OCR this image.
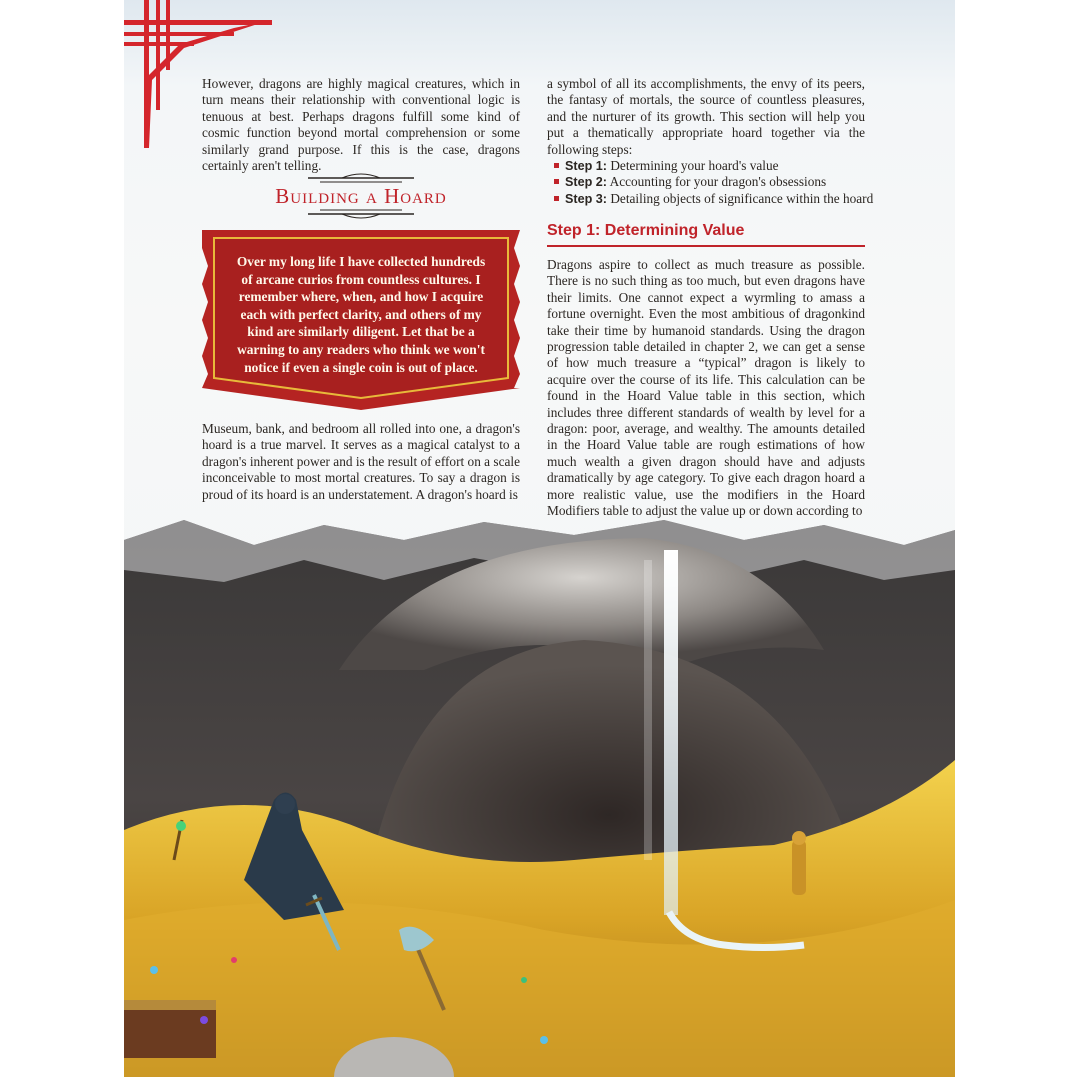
However, dragons are highly magical creatures, which in turn means their relationship with conventional logic is tenuous at best. Perhaps dragons fulfill some kind of cosmic function beyond mortal comprehension or some similarly grand purpose. If this is the case, dragons certainly aren't telling.

Building a Hoard
Over my long life I have collected hundreds of arcane curios from countless cultures. I remember where, when, and how I acquire each with perfect clarity, and others of my kind are similarly diligent. Let that be a warning to any readers who think we won't notice if even a single coin is out of place.

Museum, bank, and bedroom all rolled into one, a dragon's hoard is a true marvel. It serves as a magical catalyst to a dragon's inherent power and is the result of effort on a scale inconceivable to most mortal creatures. To say a dragon is proud of its hoard is an understatement. A dragon's hoard is

a symbol of all its accomplishments, the envy of its peers, the fantasy of mortals, the source of countless pleasures, and the nurturer of its growth. This section will help you put a thematically appropriate hoard together via the following steps:

Step 1: Determining your hoard's value
Step 2: Accounting for your dragon's obsessions
Step 3: Detailing objects of significance within the hoard
Step 1: Determining Value

Dragons aspire to collect as much treasure as possible. There is no such thing as too much, but even dragons have their limits. One cannot expect a wyrmling to amass a fortune overnight. Even the most ambitious of dragonkind take their time by humanoid standards. Using the dragon progression table detailed in chapter 2, we can get a sense of how much treasure a “typical” dragon is likely to acquire over the course of its life. This calculation can be found in the Hoard Value table in this section, which includes three different standards of wealth by level for a dragon: poor, average, and wealthy. The amounts detailed in the Hoard Value table are rough estimations of how much wealth a given dragon should have and adjusts dramatically by age category. To give each dragon hoard a more realistic value, use the modifiers in the Hoard Modifiers table to adjust the value up or down according to
